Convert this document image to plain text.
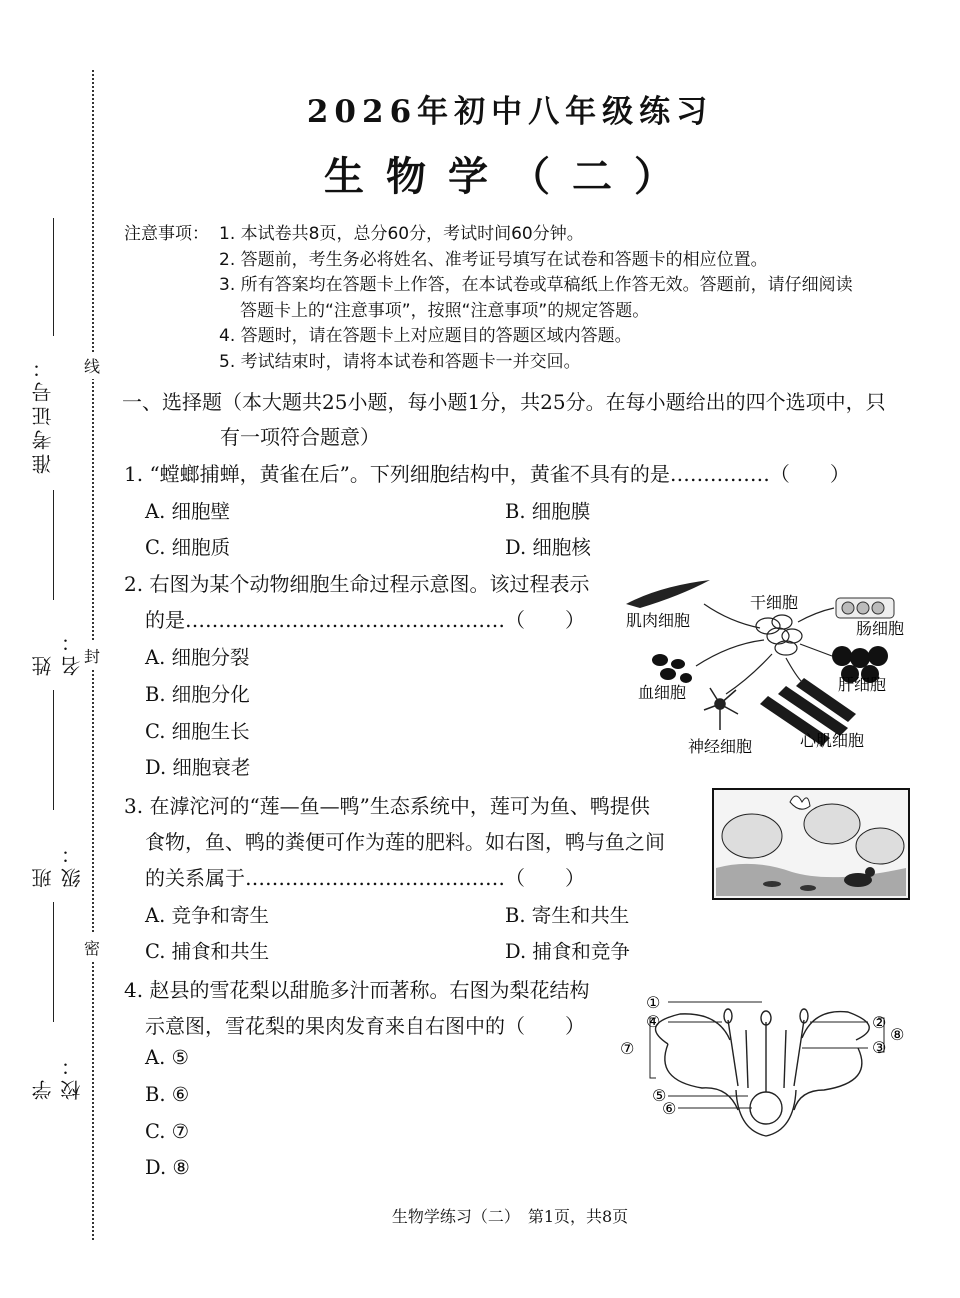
线
封
密
准考证号：
姓名：
班级：
学校：
2026年初中八年级练习
生物学（二）
注意事项： 1. 本试卷共8页，总分60分，考试时间60分钟。
2. 答题前，考生务必将姓名、准考证号填写在试卷和答题卡的相应位置。
3. 所有答案均在答题卡上作答，在本试卷或草稿纸上作答无效。答题前，请仔细阅读
答题卡上的“注意事项”，按照“注意事项”的规定答题。
4. 答题时，请在答题卡上对应题目的答题区域内答题。
5. 考试结束时，请将本试卷和答题卡一并交回。
一、选择题（本大题共25小题，每小题1分，共25分。在每小题给出的四个选项中，只
有一项符合题意）
1. “螳螂捕蝉，黄雀在后”。下列细胞结构中，黄雀不具有的是……………（　　）
A. 细胞壁	B. 细胞膜
C. 细胞质	D. 细胞核
2. 右图为某个动物细胞生命过程示意图。该过程表示
的是…………………………………………（　　）
A. 细胞分裂
B. 细胞分化
C. 细胞生长
D. 细胞衰老
干细胞
肌肉细胞	肠细胞
血细胞	肝细胞
神经细胞	心肌细胞
3. 在滹沱河的“莲—鱼—鸭”生态系统中，莲可为鱼、鸭提供
食物，鱼、鸭的粪便可作为莲的肥料。如右图，鸭与鱼之间
的关系属于…………………………………（　　）
A. 竞争和寄生	B. 寄生和共生
C. 捕食和共生	D. 捕食和竞争
4. 赵县的雪花梨以甜脆多汁而著称。右图为梨花结构
示意图，雪花梨的果肉发育来自右图中的（　　）
A. ⑤
B. ⑥
C. ⑦
D. ⑧
①
②
③
④
⑤
⑥
⑦
⑧
生物学练习（二）　第1页，共8页
